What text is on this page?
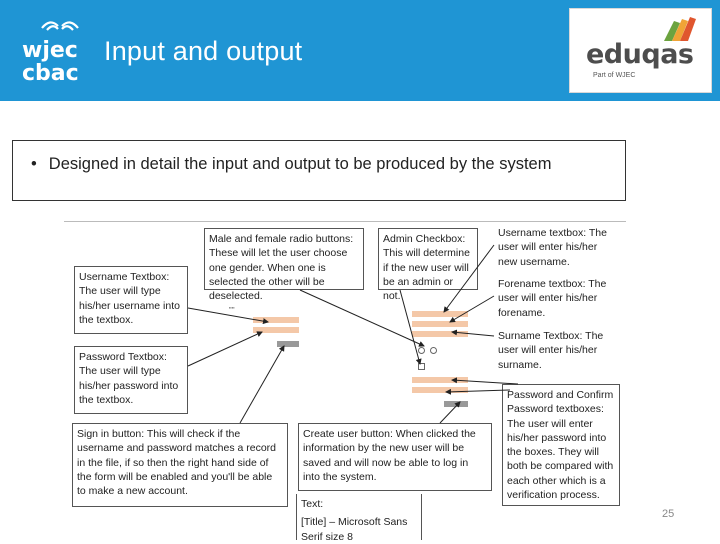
wjec
cbac
Input and output	eduqas
Part of WJEC
• Designed in detail the input and output to be produced by the system
Male and female radio buttons: These will let the user choose one gender. When one is selected the other will be deselected.
Admin Checkbox: This will determine if the new user will be an admin or not.
Username textbox: The user will enter his/her new username.
Forename textbox: The user will enter his/her forename.
Surname Textbox: The user will enter his/her surname.
Username Textbox: The user will type his/her username into the textbox.
Password Textbox: The user will type his/her password into the textbox.
Sign in button: This will check if the username and password matches a record in the file, if so then the right hand side of the form will be enabled and you'll be able to make a new account.
Create user button: When clicked the information by the new user will be saved and will now be able to log in into the system.
Password and Confirm Password textboxes: The user will enter his/her password into the boxes. They will both be compared with each other which is a verification process.
Text:
[Title] – Microsoft Sans Serif size 8
▪▪▪▪
25
